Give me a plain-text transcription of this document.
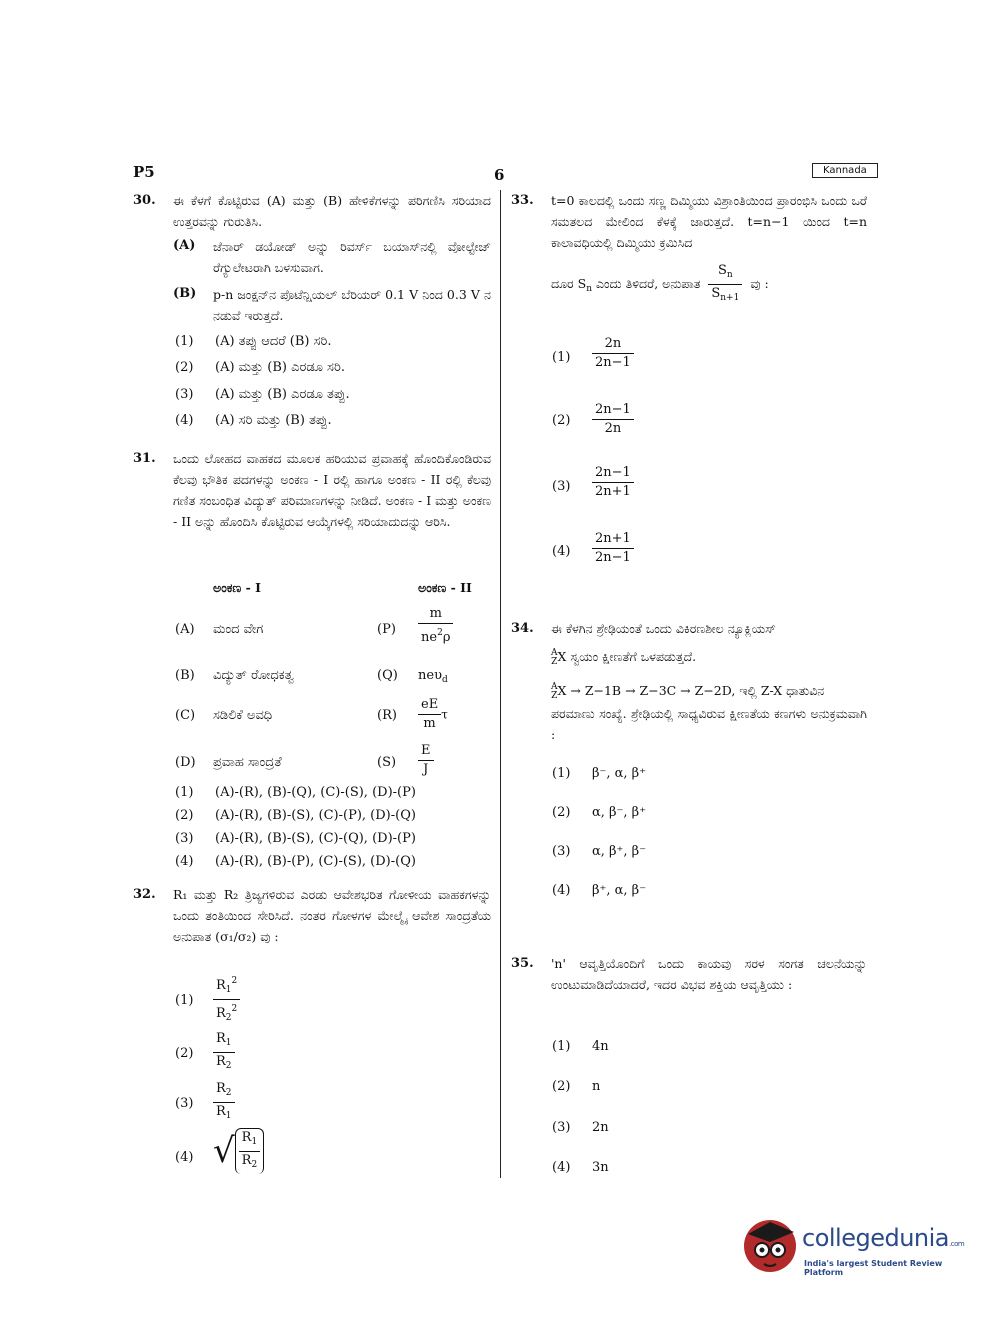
P5	6	Kannada
30. ಈ ಕೆಳಗೆ ಕೊಟ್ಟಿರುವ (A) ಮತ್ತು (B) ಹೇಳಿಕೆಗಳನ್ನು ಪರಿಗಣಿಸಿ ಸರಿಯಾದ ಉತ್ತರವನ್ನು ಗುರುತಿಸಿ.
(A) ಜೆನಾರ್ ಡಯೋಡ್ ಅನ್ನು ರಿವರ್ಸ್ ಬಯಾಸ್‌ನಲ್ಲಿ ವೋಲ್ಟೇಜ್ ರೆಗ್ಯುಲೇಟರಾಗಿ ಬಳಸುವಾಗ.
(B) p-n ಜಂಕ್ಷನ್‌ನ ಪೊಟೆನ್ಷಿಯಲ್ ಬೆರಿಯರ್ 0.1 V ನಿಂದ 0.3 V ನ ನಡುವೆ ಇರುತ್ತದೆ.
(1) (A) ತಪ್ಪು ಆದರೆ (B) ಸರಿ.
(2) (A) ಮತ್ತು (B) ಎರಡೂ ಸರಿ.
(3) (A) ಮತ್ತು (B) ಎರಡೂ ತಪ್ಪು.
(4) (A) ಸರಿ ಮತ್ತು (B) ತಪ್ಪು.
31. ಒಂದು ಲೋಹದ ವಾಹಕದ ಮೂಲಕ ಹರಿಯುವ ಪ್ರವಾಹಕ್ಕೆ ಹೊಂದಿಕೊಂಡಿರುವ ಕೆಲವು ಭೌತಿಕ ಪದಗಳನ್ನು ಅಂಕಣ - I ರಲ್ಲಿ ಹಾಗೂ ಅಂಕಣ - II ರಲ್ಲಿ ಕೆಲವು ಗಣಿತ ಸಂಬಂಧಿತ ವಿದ್ಯುತ್ ಪರಿಮಾಣಗಳನ್ನು ನೀಡಿದೆ. ಅಂಕಣ - I ಮತ್ತು ಅಂಕಣ - II ಅನ್ನು ಹೊಂದಿಸಿ ಕೊಟ್ಟಿರುವ ಆಯ್ಕೆಗಳಲ್ಲಿ ಸರಿಯಾದುದನ್ನು ಆರಿಸಿ.
ಅಂಕಣ - I	ಅಂಕಣ - II
(A) ಮಂದ ವೇಗ	$(P) \frac{m}{ne^2\rho}$
(B) ವಿದ್ಯುತ್ ರೋಧಕತ್ವ	(Q) neυ$_d$
(C) ಸಡಿಲಿಕೆ ಅವಧಿ	$(R) \frac{eE}{m}$ τ
(D) ಪ್ರವಾಹ ಸಾಂದ್ರತೆ	$(S) \frac{E}{J}$
(1) (A)-(R), (B)-(Q), (C)-(S), (D)-(P)
(2) (A)-(R), (B)-(S), (C)-(P), (D)-(Q)
(3) (A)-(R), (B)-(S), (C)-(Q), (D)-(P)
(4) (A)-(R), (B)-(P), (C)-(S), (D)-(Q)
32. R₁ ಮತ್ತು R₂ ತ್ರಿಜ್ಯಗಳಿರುವ ಎರಡು ಆವೇಶಭರಿತ ಗೋಳೀಯ ವಾಹಕಗಳನ್ನು ಒಂದು ತಂತಿಯಿಂದ ಸೇರಿಸಿದೆ. ನಂತರ ಗೋಳಗಳ ಮೇಲ್ಮೈ ಆವೇಶ ಸಾಂದ್ರತೆಯ ಅನುಪಾತ (σ₁/σ₂) ವು :
$(1) \frac{R_1^2}{R_2^2}$
$(2) \frac{R_1}{R_2}$
$(3) \frac{R_2}{R_1}$
(4) √ $\frac{R_1}{R_2}$
33. t=0 ಕಾಲದಲ್ಲಿ ಒಂದು ಸಣ್ಣ ದಿಮ್ಮಿಯು ವಿಶ್ರಾಂತಿಯಿಂದ ಪ್ರಾರಂಭಿಸಿ ಒಂದು ಒರೆ ಸಮತಲದ ಮೇಲಿಂದ ಕೆಳಕ್ಕೆ ಜಾರುತ್ತದೆ. t=n−1 ಯಿಂದ t=n ಕಾಲಾವಧಿಯಲ್ಲಿ ದಿಮ್ಮಿಯು ಕ್ರಮಿಸಿದ
ದೂರ $S_n$ ಎಂದು ತಿಳಿದರೆ, ಅನುಪಾತ $\frac{S_n}{S_{n+1}}$ ವು :
$(1) \frac{2n}{2n-1}$
$(2) \frac{2n-1}{2n}$
$(3) \frac{2n-1}{2n+1}$
$(4) \frac{2n+1}{2n-1}$
34. ಈ ಕೆಳಗಿನ ಶ್ರೇಢಿಯಂತೆ ಒಂದು ವಿಕಿರಣಶೀಲ ನ್ಯೂಕ್ಲಿಯಸ್
A
ZX ಸ್ವಯಂ ಕ್ಷೀಣತೆಗೆ ಒಳಪಡುತ್ತದೆ.
A
ZX → Z−1B → Z−3C → Z−2D, ಇಲ್ಲಿ Z-X ಧಾತುವಿನ
ಪರಮಾಣು ಸಂಖ್ಯೆ. ಶ್ರೇಢಿಯಲ್ಲಿ ಸಾಧ್ಯವಿರುವ ಕ್ಷೀಣತೆಯ ಕಣಗಳು ಅನುಕ್ರಮವಾಗಿ :
(1) β⁻, α, β⁺
(2) α, β⁻, β⁺
(3) α, β⁺, β⁻
(4) β⁺, α, β⁻
35. 'n' ಆವೃತ್ತಿಯೊಂದಿಗೆ ಒಂದು ಕಾಯವು ಸರಳ ಸಂಗತ ಚಲನೆಯನ್ನು ಉಂಟುಮಾಡಿದೆಯಾದರೆ, ಇದರ ವಿಭವ ಶಕ್ತಿಯ ಆವೃತ್ತಿಯು :
(1) 4n
(2) n
(3) 2n
(4) 3n
collegedunia.com
India's largest Student Review Platform
